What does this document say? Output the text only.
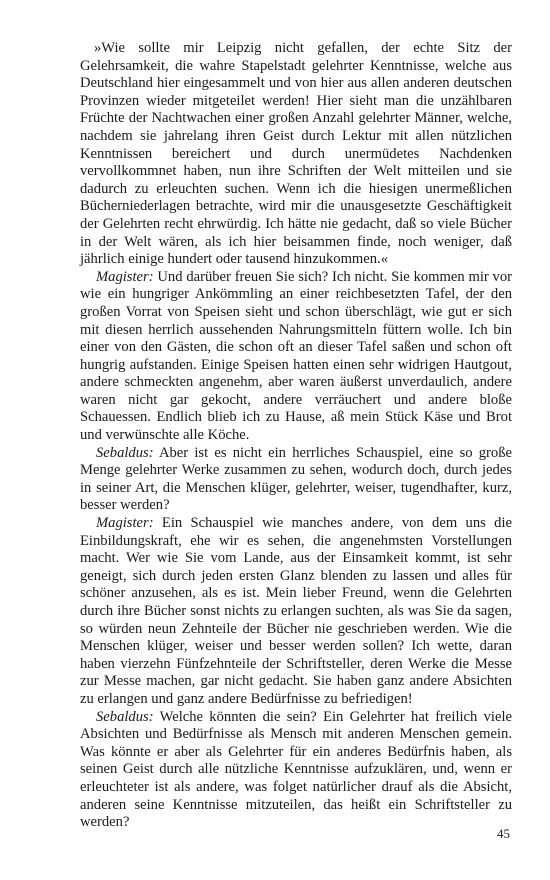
»Wie sollte mir Leipzig nicht gefallen, der echte Sitz der Gelehrsamkeit, die wahre Stapelstadt gelehrter Kenntnisse, welche aus Deutschland hier eingesammelt und von hier aus allen anderen deutschen Provinzen wieder mitgeteilet werden! Hier sieht man die unzählbaren Früchte der Nachtwachen einer großen Anzahl gelehrter Männer, welche, nachdem sie jahrelang ihren Geist durch Lektur mit allen nützlichen Kenntnissen bereichert und durch unermüdetes Nachdenken vervollkommnet haben, nun ihre Schriften der Welt mitteilen und sie dadurch zu erleuchten suchen. Wenn ich die hiesigen unermeßlichen Bücherniederlagen betrachte, wird mir die unausgesetzte Geschäftigkeit der Gelehrten recht ehrwürdig. Ich hätte nie gedacht, daß so viele Bücher in der Welt wären, als ich hier beisammen finde, noch weniger, daß jährlich einige hundert oder tausend hinzukommen.«

Magister: Und darüber freuen Sie sich? Ich nicht. Sie kommen mir vor wie ein hungriger Ankömmling an einer reichbesetzten Tafel, der den großen Vorrat von Speisen sieht und schon überschlägt, wie gut er sich mit diesen herrlich aussehenden Nahrungsmitteln füttern wolle. Ich bin einer von den Gästen, die schon oft an dieser Tafel saßen und schon oft hungrig aufstanden. Einige Speisen hatten einen sehr widrigen Hautgout, andere schmeckten angenehm, aber waren äußerst unverdaulich, andere waren nicht gar gekocht, andere verräuchert und andere bloße Schauessen. Endlich blieb ich zu Hause, aß mein Stück Käse und Brot und verwünschte alle Köche.

Sebaldus: Aber ist es nicht ein herrliches Schauspiel, eine so große Menge gelehrter Werke zusammen zu sehen, wodurch doch, durch jedes in seiner Art, die Menschen klüger, gelehrter, weiser, tugendhafter, kurz, besser werden?

Magister: Ein Schauspiel wie manches andere, von dem uns die Einbildungskraft, ehe wir es sehen, die angenehmsten Vorstellungen macht. Wer wie Sie vom Lande, aus der Einsamkeit kommt, ist sehr geneigt, sich durch jeden ersten Glanz blenden zu lassen und alles für schöner anzusehen, als es ist. Mein lieber Freund, wenn die Gelehrten durch ihre Bücher sonst nichts zu erlangen suchten, als was Sie da sagen, so würden neun Zehnteile der Bücher nie geschrieben werden. Wie die Menschen klüger, weiser und besser werden sollen? Ich wette, daran haben vierzehn Fünfzehnteile der Schriftsteller, deren Werke die Messe zur Messe machen, gar nicht gedacht. Sie haben ganz andere Absichten zu erlangen und ganz andere Bedürfnisse zu befriedigen!

Sebaldus: Welche könnten die sein? Ein Gelehrter hat freilich viele Absichten und Bedürfnisse als Mensch mit anderen Menschen gemein. Was könnte er aber als Gelehrter für ein anderes Bedürfnis haben, als seinen Geist durch alle nützliche Kenntnisse aufzuklären, und, wenn er erleuchteter ist als andere, was folget natürlicher drauf als die Absicht, anderen seine Kenntnisse mitzuteilen, das heißt ein Schriftsteller zu werden?

45
